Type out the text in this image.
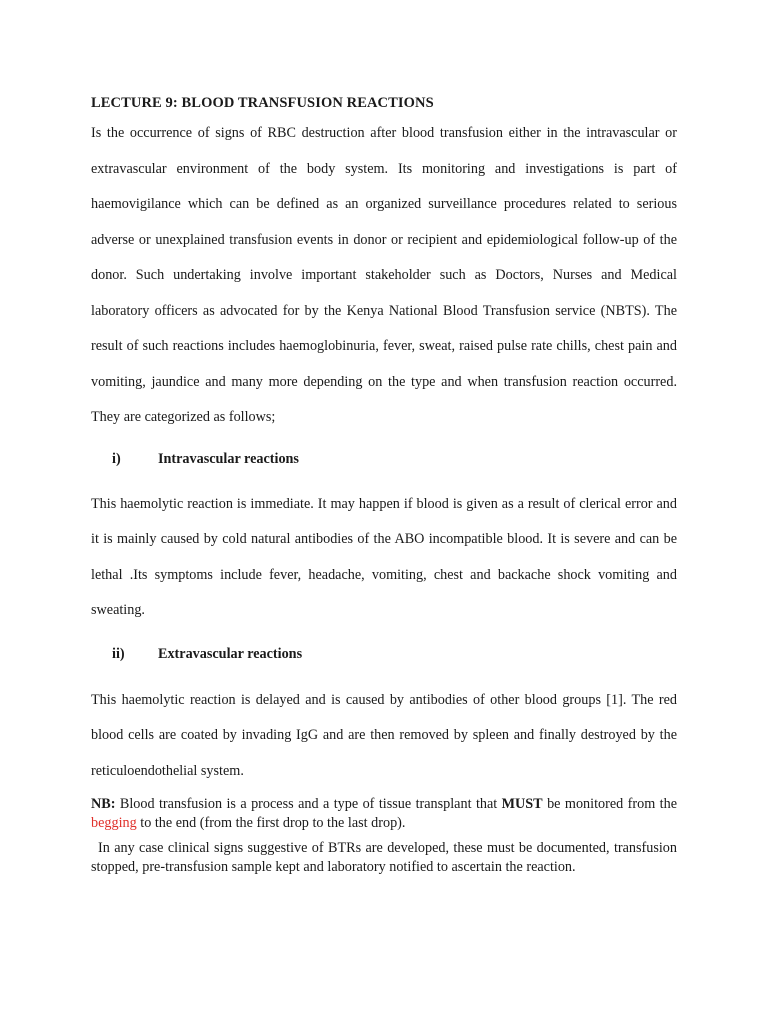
LECTURE 9: BLOOD TRANSFUSION REACTIONS

Is the occurrence of signs of RBC destruction after blood transfusion either in the intravascular or extravascular environment of the body system. Its monitoring and investigations is part of haemovigilance which can be defined as an organized surveillance procedures related to serious adverse or unexplained transfusion events in donor or recipient and epidemiological follow-up of the donor. Such undertaking involve important stakeholder such as Doctors, Nurses and Medical laboratory officers as advocated for by the Kenya National Blood Transfusion service (NBTS). The result of such reactions includes haemoglobinuria, fever, sweat, raised pulse rate chills, chest pain and vomiting, jaundice and many more depending on the type and when transfusion reaction occurred. They are categorized as follows;

i)	Intravascular reactions

This haemolytic reaction is immediate. It may happen if blood is given as a result of clerical error and it is mainly caused by cold natural antibodies of the ABO incompatible blood. It is severe and can be lethal .Its symptoms include fever, headache, vomiting, chest and backache shock vomiting and sweating.

ii)	Extravascular reactions

This haemolytic reaction is delayed and is caused by antibodies of other blood groups [1]. The red blood cells are coated by invading IgG and are then removed by spleen and finally destroyed by the reticuloendothelial system.

NB: Blood transfusion is a process and a type of tissue transplant that MUST be monitored from the begging to the end (from the first drop to the last drop).

In any case clinical signs suggestive of BTRs are developed, these must be documented, transfusion stopped, pre-transfusion sample kept and laboratory notified to ascertain the reaction.
